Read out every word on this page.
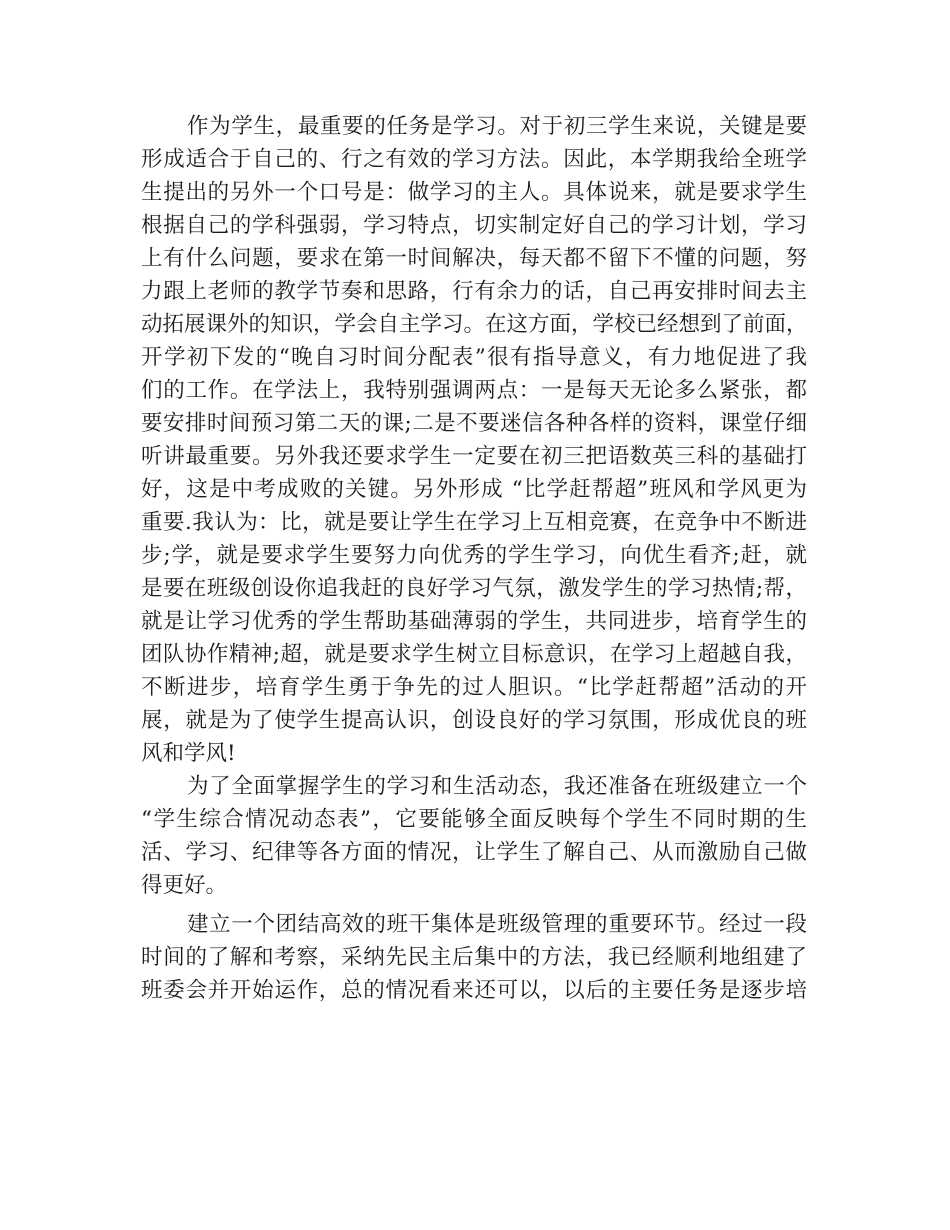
作为学生，最重要的任务是学习。对于初三学生来说，关键是要
形成适合于自己的、行之有效的学习方法。因此，本学期我给全班学
生提出的另外一个口号是：做学习的主人。具体说来，就是要求学生
根据自己的学科强弱，学习特点，切实制定好自己的学习计划，学习
上有什么问题，要求在第一时间解决，每天都不留下不懂的问题，努
力跟上老师的教学节奏和思路，行有余力的话，自己再安排时间去主
动拓展课外的知识，学会自主学习。在这方面，学校已经想到了前面，
开学初下发的“晚自习时间分配表”很有指导意义，有力地促进了我
们的工作。在学法上，我特别强调两点：一是每天无论多么紧张，都
要安排时间预习第二天的课;二是不要迷信各种各样的资料，课堂仔细
听讲最重要。另外我还要求学生一定要在初三把语数英三科的基础打
好，这是中考成败的关键。另外形成 “比学赶帮超”班风和学风更为
重要.我认为：比，就是要让学生在学习上互相竞赛，在竞争中不断进
步;学，就是要求学生要努力向优秀的学生学习，向优生看齐;赶，就
是要在班级创设你追我赶的良好学习气氛，激发学生的学习热情;帮，
就是让学习优秀的学生帮助基础薄弱的学生，共同进步，培育学生的
团队协作精神;超，就是要求学生树立目标意识，在学习上超越自我，
不断进步，培育学生勇于争先的过人胆识。“比学赶帮超”活动的开
展，就是为了使学生提高认识，创设良好的学习氛围，形成优良的班
风和学风!
为了全面掌握学生的学习和生活动态，我还准备在班级建立一个
“学生综合情况动态表”，它要能够全面反映每个学生不同时期的生
活、学习、纪律等各方面的情况，让学生了解自己、从而激励自己做
得更好。
建立一个团结高效的班干集体是班级管理的重要环节。经过一段
时间的了解和考察，采纳先民主后集中的方法，我已经顺利地组建了
班委会并开始运作，总的情况看来还可以，以后的主要任务是逐步培
